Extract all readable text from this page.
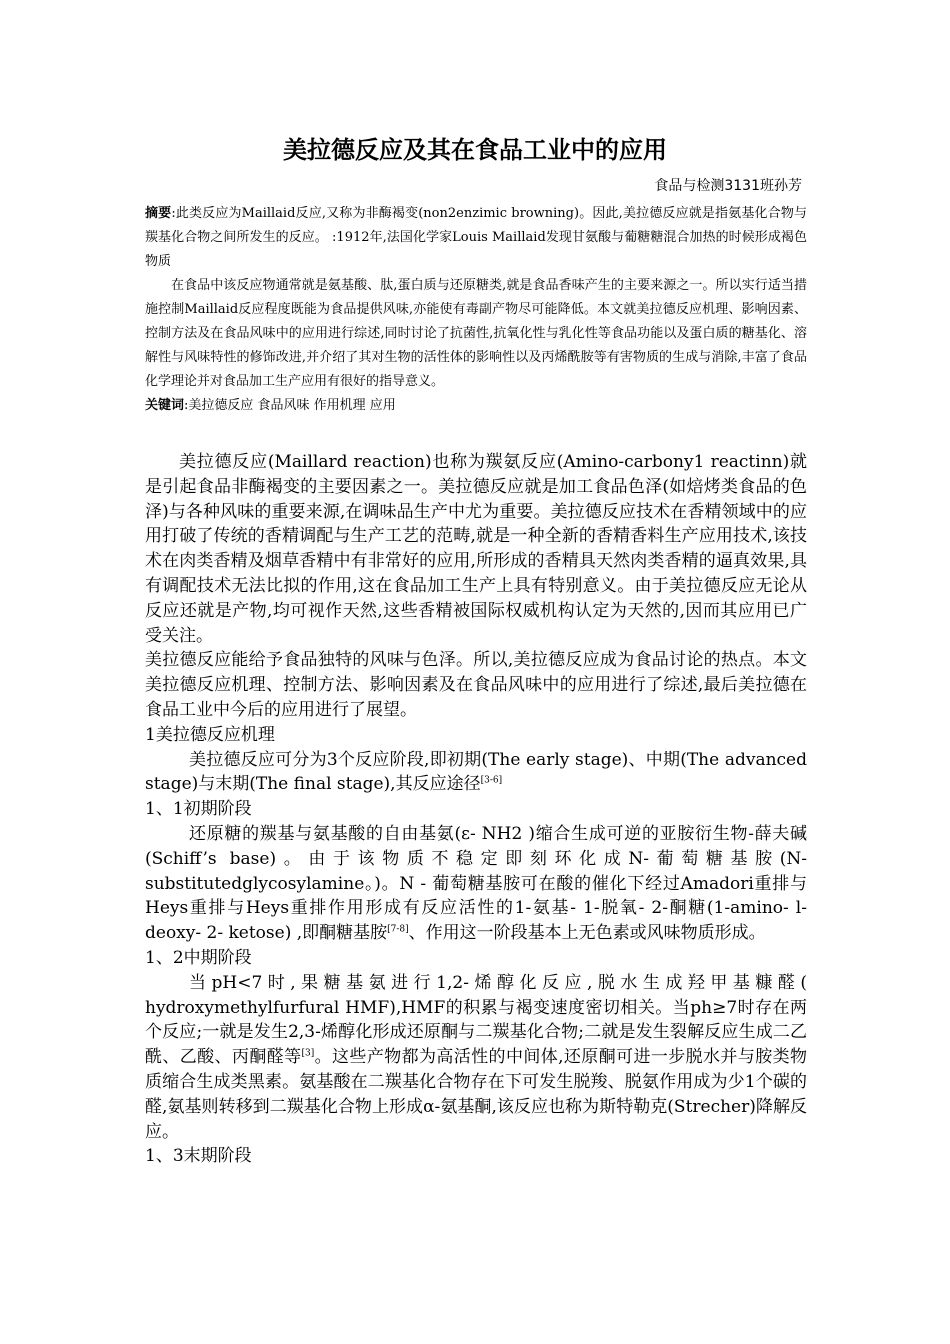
美拉德反应及其在食品工业中的应用
食品与检测3131班孙芳

摘要:此类反应为Maillaid反应,又称为非酶褐变(non2enzimic browning)。因此,美拉德反应就是指氨基化合物与羰基化合物之间所发生的反应。 :1912年,法国化学家Louis Maillaid发现甘氨酸与葡糖糖混合加热的时候形成褐色物质

在食品中该反应物通常就是氨基酸、肽,蛋白质与还原糖类,就是食品香味产生的主要来源之一。所以实行适当措施控制Maillaid反应程度既能为食品提供风味,亦能使有毒副产物尽可能降低。本文就美拉德反应机理、影响因素、控制方法及在食品风味中的应用进行综述,同时讨论了抗菌性,抗氧化性与乳化性等食品功能以及蛋白质的糖基化、溶解性与风味特性的修饰改进,并介绍了其对生物的活性体的影响性以及丙烯酰胺等有害物质的生成与消除,丰富了食品化学理论并对食品加工生产应用有很好的指导意义。

关键词:美拉德反应 食品风味 作用机理 应用

美拉德反应(Maillard reaction)也称为羰氨反应(Amino-carbony1 reactinn)就是引起食品非酶褐变的主要因素之一。美拉德反应就是加工食品色泽(如焙烤类食品的色泽)与各种风味的重要来源,在调味品生产中尤为重要。美拉德反应技术在香精领域中的应用打破了传统的香精调配与生产工艺的范畴,就是一种全新的香精香料生产应用技术,该技术在肉类香精及烟草香精中有非常好的应用,所形成的香精具天然肉类香精的逼真效果,具有调配技术无法比拟的作用,这在食品加工生产上具有特别意义。由于美拉德反应无论从反应还就是产物,均可视作天然,这些香精被国际权威机构认定为天然的,因而其应用已广受关注。

美拉德反应能给予食品独特的风味与色泽。所以,美拉德反应成为食品讨论的热点。本文美拉德反应机理、控制方法、影响因素及在食品风味中的应用进行了综述,最后美拉德在食品工业中今后的应用进行了展望。

1美拉德反应机理

美拉德反应可分为3个反应阶段,即初期(The early stage)、中期(The advanced stage)与末期(The final stage),其反应途径[3-6]

1、1初期阶段

还原糖的羰基与氨基酸的自由基氨(ε- NH2 )缩合生成可逆的亚胺衍生物-薛夫碱(Schiff’s base)。由于该物质不稳定即刻环化成N-葡萄糖基胺(N-substitutedglycosylamine。)。N - 葡萄糖基胺可在酸的催化下经过Amadori重排与Heys重排与Heys重排作用形成有反应活性的1-氨基- 1-脱氧- 2-酮糖(1-amino- l- deoxy- 2- ketose) ,即酮糖基胺[7-8]、作用这一阶段基本上无色素或风味物质形成。

1、2中期阶段

当pH<7时,果糖基氨进行1,2-烯醇化反应,脱水生成羟甲基糠醛( hydroxymethylfurfural HMF),HMF的积累与褐变速度密切相关。当ph≥7时存在两个反应;一就是发生2,3-烯醇化形成还原酮与二羰基化合物;二就是发生裂解反应生成二乙酰、乙酸、丙酮醛等[3]。这些产物都为高活性的中间体,还原酮可进一步脱水并与胺类物质缩合生成类黑素。氨基酸在二羰基化合物存在下可发生脱羧、脱氨作用成为少1个碳的醛,氨基则转移到二羰基化合物上形成α-氨基酮,该反应也称为斯特勒克(Strecher)降解反应。

1、3末期阶段
